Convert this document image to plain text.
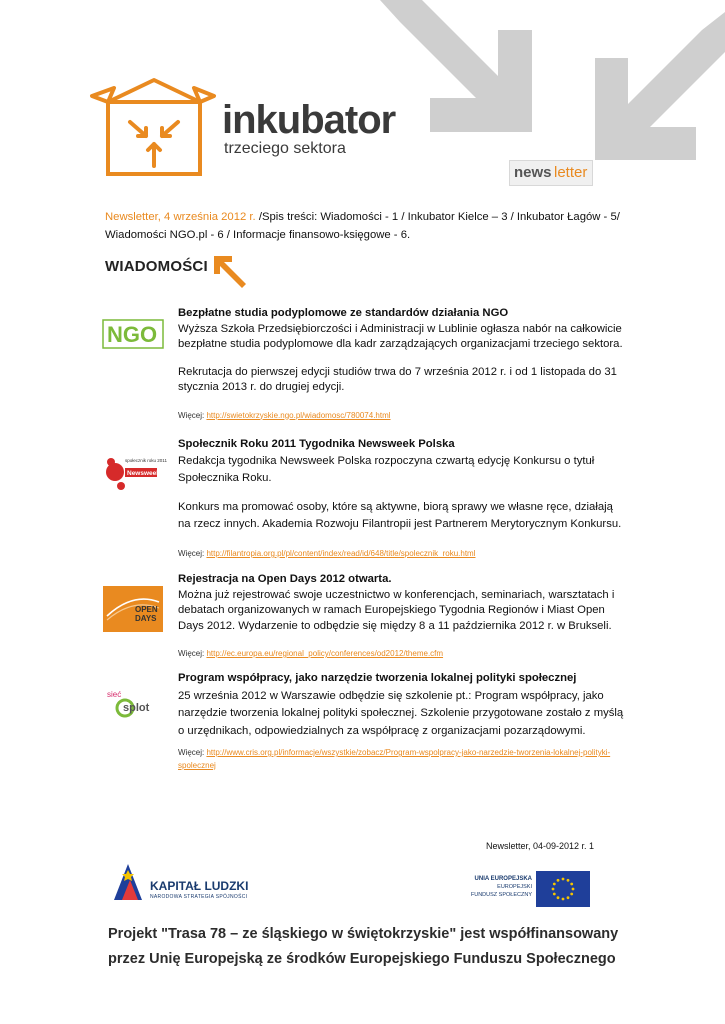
inkubator
trzeciego sektora
news letter
Newsletter, 4 września 2012 r. /Spis treści: Wiadomości - 1 / Inkubator Kielce – 3 / Inkubator Łagów - 5/ Wiadomości NGO.pl - 6 / Informacje finansowo-księgowe - 6.
WIADOMOŚCI
NGO
społecznik roku 2011
Newsweek
OPEN
DAYS
sieć
splot

Bezpłatne studia podyplomowe ze standardów działania NGO

Wyższa Szkoła Przedsiębiorczości i Administracji w Lublinie ogłasza nabór na całkowicie bezpłatne studia podyplomowe dla kadr zarządzających organizacjami trzeciego sektora.

Rekrutacja do pierwszej edycji studiów trwa do 7 września 2012 r. i od 1 listopada do 31 stycznia 2013 r. do drugiej edycji.

Więcej: http://swietokrzyskie.ngo.pl/wiadomosc/780074.html

Społecznik Roku 2011 Tygodnika Newsweek Polska

Redakcja tygodnika Newsweek Polska rozpoczyna czwartą edycję Konkursu o tytuł Społecznika Roku.

Konkurs ma promować osoby, które są aktywne, biorą sprawy we własne ręce, działają na rzecz innych. Akademia Rozwoju Filantropii jest Partnerem Merytorycznym Konkursu.

Więcej: http://filantropia.org.pl/pl/content/index/read/id/648/title/spolecznik_roku.html

Rejestracja na Open Days 2012 otwarta.

Można już rejestrować swoje uczestnictwo w konferencjach, seminariach, warsztatach i debatach organizowanych w ramach Europejskiego Tygodnia Regionów i Miast Open Days 2012. Wydarzenie to odbędzie się między 8 a 11 października 2012 r. w Brukseli.

Więcej: http://ec.europa.eu/regional_policy/conferences/od2012/theme.cfm

Program współpracy, jako narzędzie tworzenia lokalnej polityki społecznej

25 września 2012 w Warszawie odbędzie się szkolenie pt.: Program współpracy, jako narzędzie tworzenia lokalnej polityki społecznej. Szkolenie przygotowane zostało z myślą o urzędnikach, odpowiedzialnych za współpracę z organizacjami pozarządowymi.

Więcej: http://www.cris.org.pl/informacje/wszystkie/zobacz/Program-wspolpracy-jako-narzedzie-tworzenia-lokalnej-polityki-spolecznej

Newsletter, 04-09-2012 r. 1
KAPITAŁ LUDZKI
NARODOWA STRATEGIA SPÓJNOŚCI
UNIA EUROPEJSKA
EUROPEJSKI
FUNDUSZ SPOŁECZNY
Projekt "Trasa 78 – ze śląskiego w świętokrzyskie" jest współfinansowany
przez Unię Europejską ze środków Europejskiego Funduszu Społecznego
